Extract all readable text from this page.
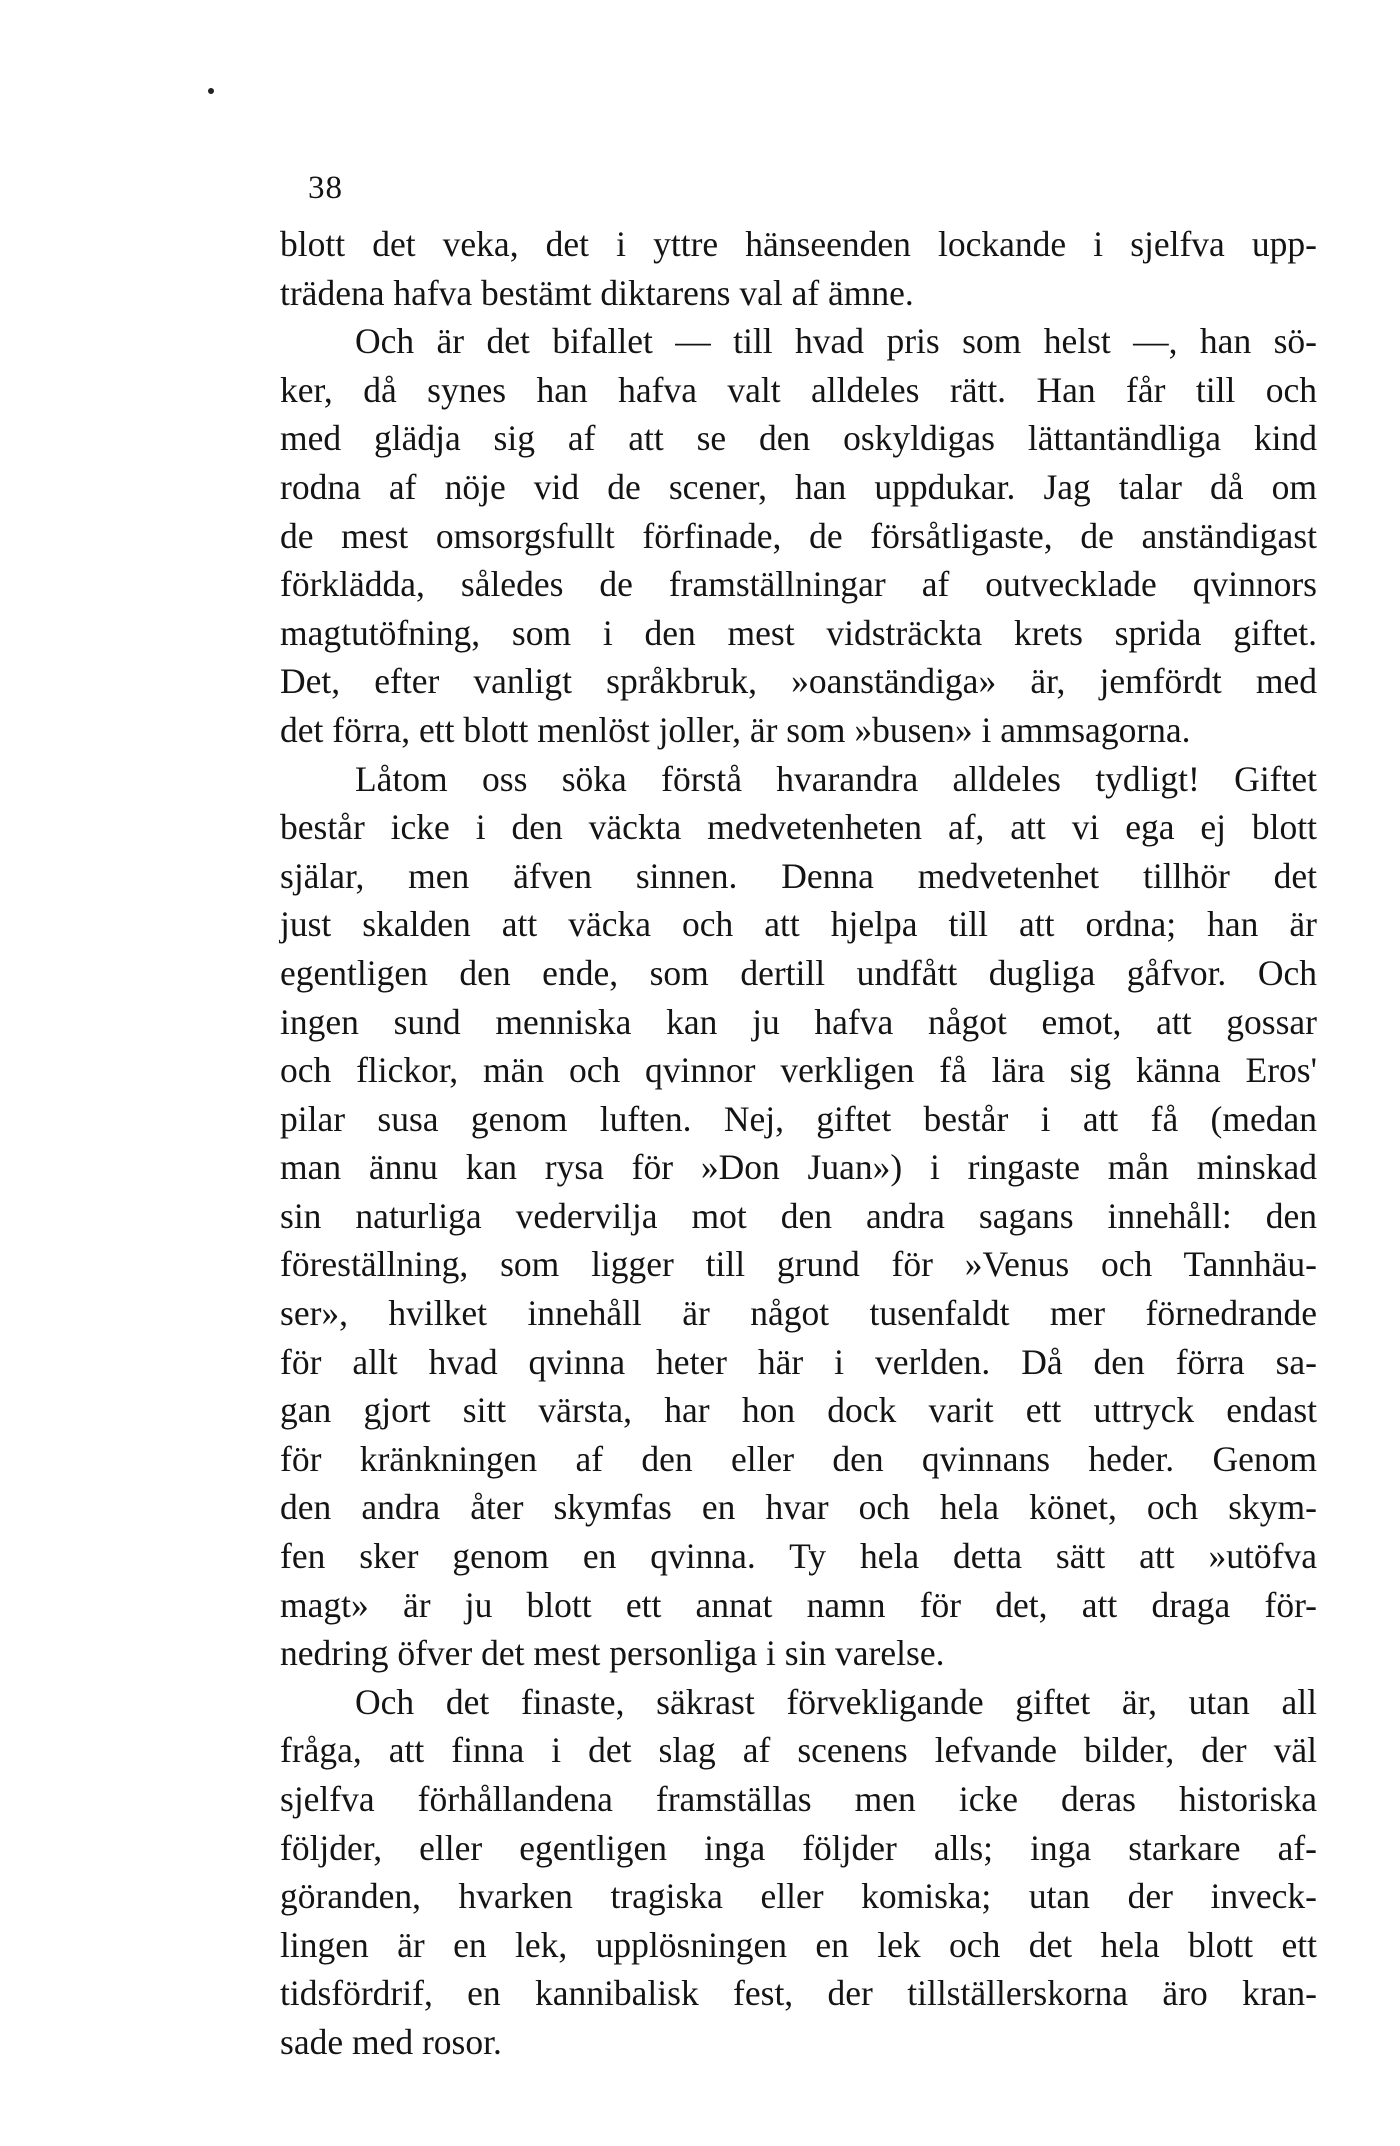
38
blott det veka, det i yttre hänseenden lockande i sjelfva upp-
trädena hafva bestämt diktarens val af ämne.
Och är det bifallet — till hvad pris som helst —, han sö-
ker, då synes han hafva valt alldeles rätt. Han får till och
med glädja sig af att se den oskyldigas lättantändliga kind
rodna af nöje vid de scener, han uppdukar. Jag talar då om
de mest omsorgsfullt förfinade, de försåtligaste, de anständigast
förklädda, således de framställningar af outvecklade qvinnors
magtutöfning, som i den mest vidsträckta krets sprida giftet.
Det, efter vanligt språkbruk, »oanständiga» är, jemfördt med
det förra, ett blott menlöst joller, är som »busen» i ammsagorna.
Låtom oss söka förstå hvarandra alldeles tydligt! Giftet
består icke i den väckta medvetenheten af, att vi ega ej blott
själar, men äfven sinnen. Denna medvetenhet tillhör det
just skalden att väcka och att hjelpa till att ordna; han är
egentligen den ende, som dertill undfått dugliga gåfvor. Och
ingen sund menniska kan ju hafva något emot, att gossar
och flickor, män och qvinnor verkligen få lära sig känna Eros'
pilar susa genom luften. Nej, giftet består i att få (medan
man ännu kan rysa för »Don Juan») i ringaste mån minskad
sin naturliga vedervilja mot den andra sagans innehåll: den
föreställning, som ligger till grund för »Venus och Tannhäu-
ser», hvilket innehåll är något tusenfaldt mer förnedrande
för allt hvad qvinna heter här i verlden. Då den förra sa-
gan gjort sitt värsta, har hon dock varit ett uttryck endast
för kränkningen af den eller den qvinnans heder. Genom
den andra åter skymfas en hvar och hela könet, och skym-
fen sker genom en qvinna. Ty hela detta sätt att »utöfva
magt» är ju blott ett annat namn för det, att draga för-
nedring öfver det mest personliga i sin varelse.
Och det finaste, säkrast förvekligande giftet är, utan all
fråga, att finna i det slag af scenens lefvande bilder, der väl
sjelfva förhållandena framställas men icke deras historiska
följder, eller egentligen inga följder alls; inga starkare af-
göranden, hvarken tragiska eller komiska; utan der inveck-
lingen är en lek, upplösningen en lek och det hela blott ett
tidsfördrif, en kannibalisk fest, der tillställerskorna äro kran-
sade med rosor.
